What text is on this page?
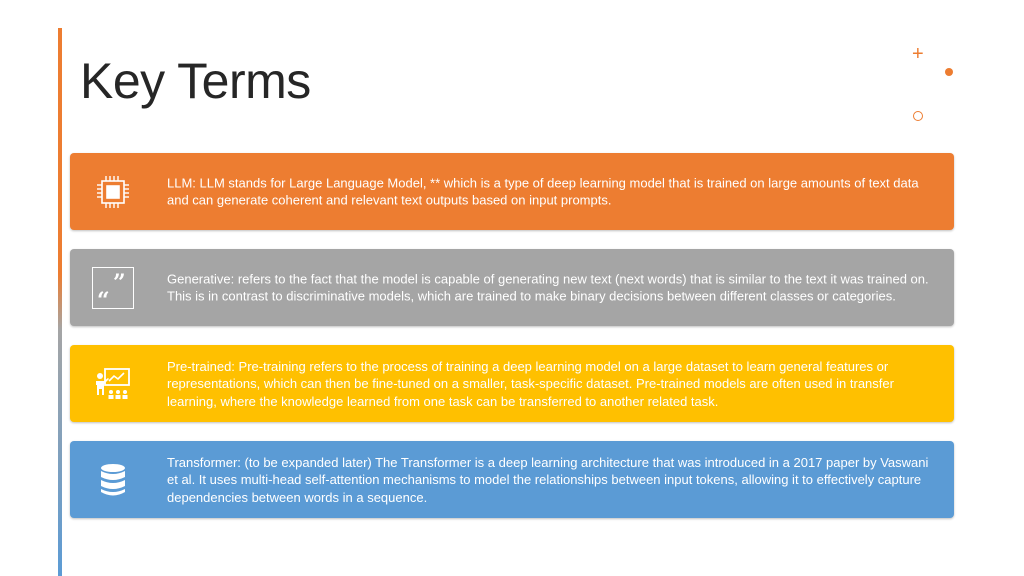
Key Terms	+
LLM: LLM stands for Large Language Model, ** which is a type of deep learning model that is trained on large amounts of text data and can generate coherent and relevant text outputs based on input prompts.
”
“
Generative: refers to the fact that the model is capable of generating new text (next words) that is similar to the text it was trained on. This is in contrast to discriminative models, which are trained to make binary decisions between different classes or categories.
Pre-trained: Pre-training refers to the process of training a deep learning model on a large dataset to learn general features or representations, which can then be fine-tuned on a smaller, task-specific dataset. Pre-trained models are often used in transfer learning, where the knowledge learned from one task can be transferred to another related task.
Transformer: (to be expanded later) The Transformer is a deep learning architecture that was introduced in a 2017 paper by Vaswani et al. It uses multi-head self-attention mechanisms to model the relationships between input tokens, allowing it to effectively capture dependencies between words in a sequence.
